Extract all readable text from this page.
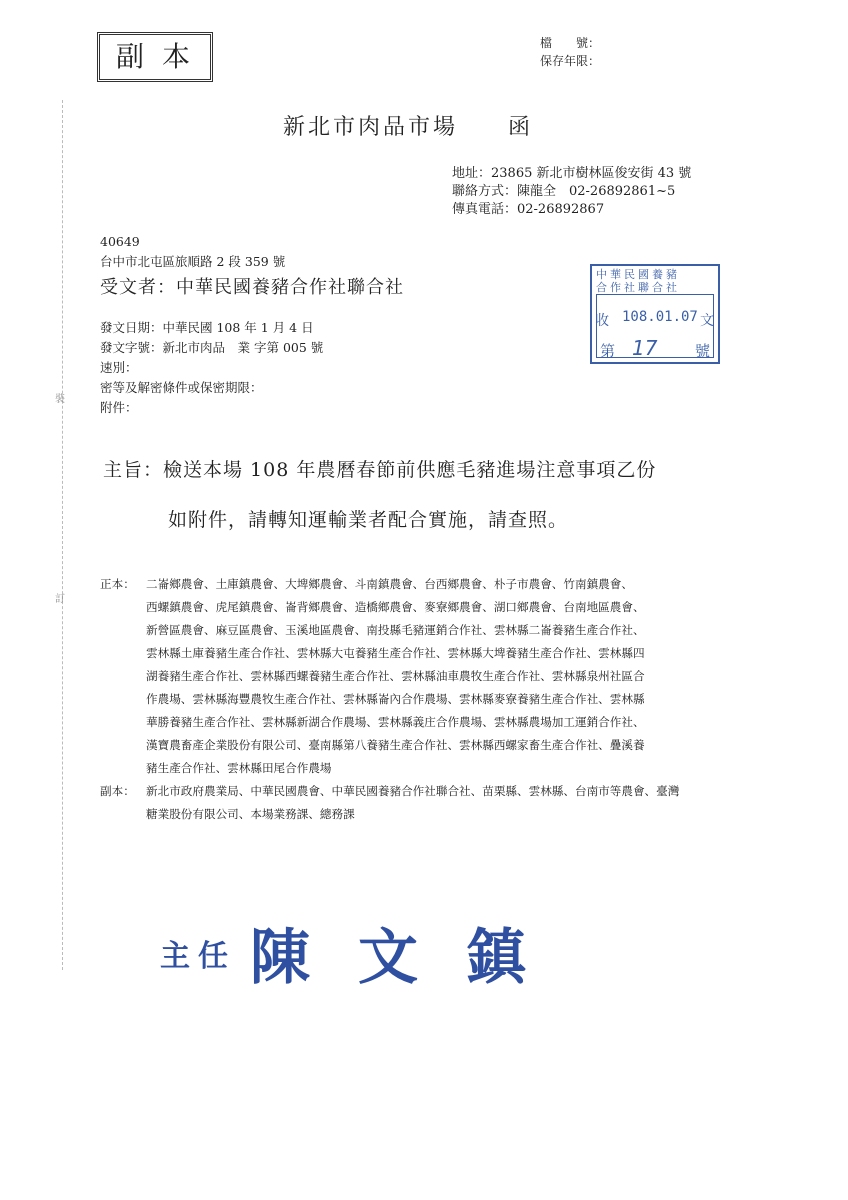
副本	檔　　號：
保存年限：
新北市肉品市場　　函
地址：23865 新北市樹林區俊安街 43 號
聯絡方式：陳龍全　02-26892861~5
傳真電話：02-26892867
40649
台中市北屯區旅順路 2 段 359 號
受文者：中華民國養豬合作社聯合社
發文日期：中華民國 108 年 1 月 4 日
發文字號：新北市肉品　業 字第 005 號
速別：
密等及解密條件或保密期限：
附件：
中華民國養豬
合作社聯合社
收 108.01.07 文
第 17	號
裝
訂
主旨：檢送本場 108 年農曆春節前供應毛豬進場注意事項乙份
如附件，請轉知運輸業者配合實施，請查照。
正本： 二崙鄉農會、土庫鎮農會、大埤鄉農會、斗南鎮農會、台西鄉農會、朴子市農會、竹南鎮農會、
西螺鎮農會、虎尾鎮農會、崙背鄉農會、造橋鄉農會、麥寮鄉農會、湖口鄉農會、台南地區農會、
新營區農會、麻豆區農會、玉溪地區農會、南投縣毛豬運銷合作社、雲林縣二崙養豬生產合作社、
雲林縣土庫養豬生產合作社、雲林縣大屯養豬生產合作社、雲林縣大埤養豬生產合作社、雲林縣四
湖養豬生產合作社、雲林縣西螺養豬生產合作社、雲林縣油車農牧生產合作社、雲林縣泉州社區合
作農場、雲林縣海豐農牧生產合作社、雲林縣崙內合作農場、雲林縣麥寮養豬生產合作社、雲林縣
華勝養豬生產合作社、雲林縣新湖合作農場、雲林縣義庄合作農場、雲林縣農場加工運銷合作社、
漢寶農畜產企業股份有限公司、臺南縣第八養豬生產合作社、雲林縣西螺家畜生產合作社、疊溪養
豬生產合作社、雲林縣田尾合作農場
副本： 新北市政府農業局、中華民國農會、中華民國養豬合作社聯合社、苗栗縣、雲林縣、台南市等農會、臺灣
糖業股份有限公司、本場業務課、總務課
主任 陳文鎮
